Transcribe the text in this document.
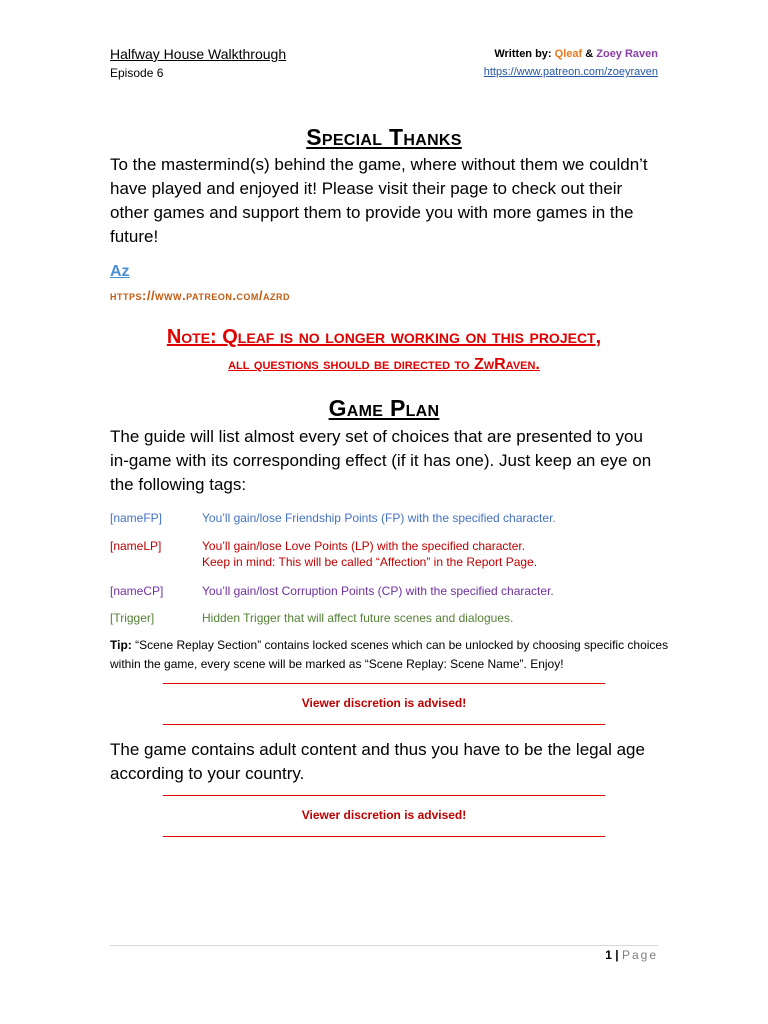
Halfway House Walkthrough
Episode 6
Written by: Qleaf & Zoey Raven
https://www.patreon.com/zoeyraven
Special Thanks
To the mastermind(s) behind the game, where without them we couldn’t have played and enjoyed it! Please visit their page to check out their other games and support them to provide you with more games in the future!
Az
https://www.patreon.com/azrd
Note: Qleaf is no longer working on this project,
all questions should be directed to ZwRaven.
Game Plan
The guide will list almost every set of choices that are presented to you in-game with its corresponding effect (if it has one). Just keep an eye on the following tags:
[nameFP]	You’ll gain/lose Friendship Points (FP) with the specified character.
[nameLP]	You’ll gain/lose Love Points (LP) with the specified character.
Keep in mind: This will be called “Affection” in the Report Page.
[nameCP]	You’ll gain/lost Corruption Points (CP) with the specified character.
[Trigger]	Hidden Trigger that will affect future scenes and dialogues.
Tip: “Scene Replay Section” contains locked scenes which can be unlocked by choosing specific choices within the game, every scene will be marked as “Scene Replay: Scene Name”. Enjoy!
Viewer discretion is advised!
The game contains adult content and thus you have to be the legal age according to your country.
Viewer discretion is advised!
1 | Page
